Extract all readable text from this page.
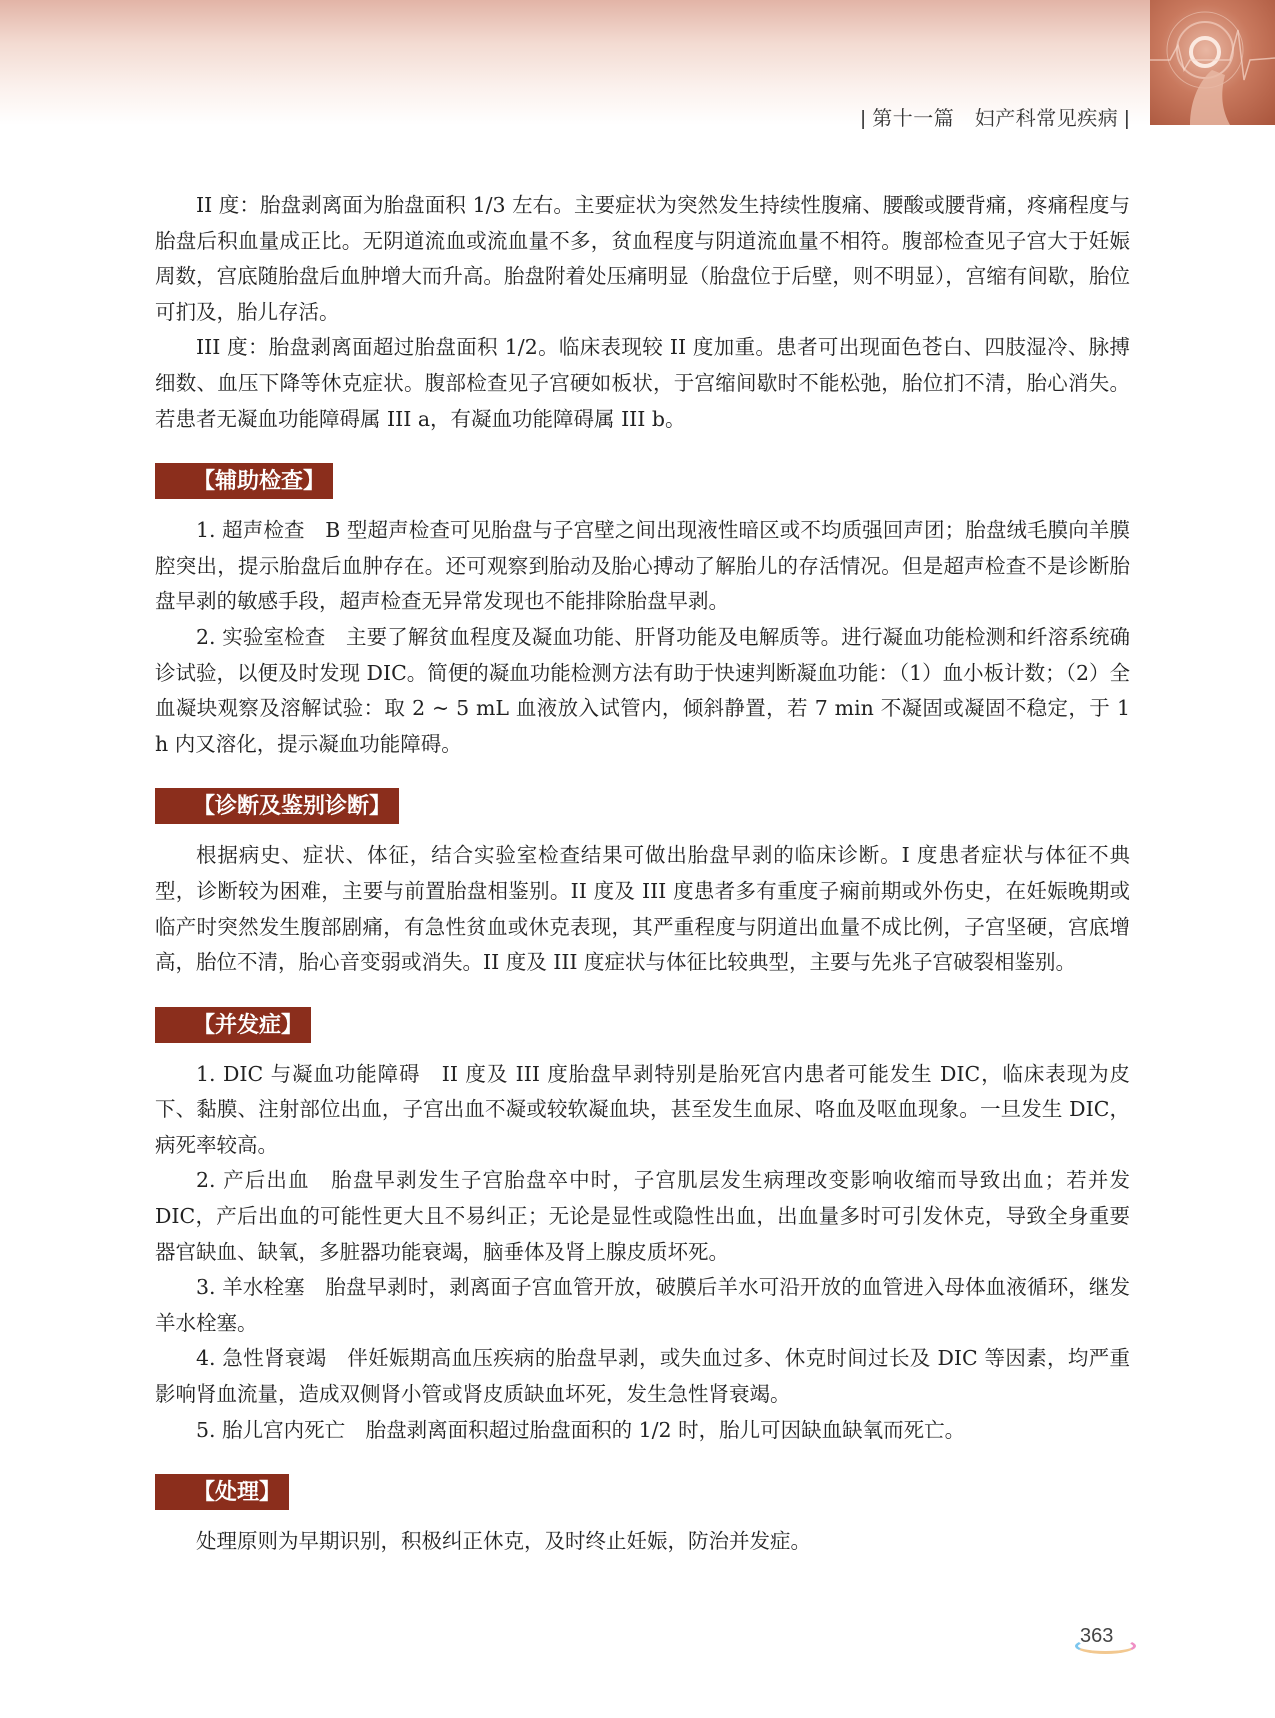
| 第十一篇　妇产科常见疾病 |

II 度：胎盘剥离面为胎盘面积 1/3 左右。主要症状为突然发生持续性腹痛、腰酸或腰背痛，疼痛程度与胎盘后积血量成正比。无阴道流血或流血量不多，贫血程度与阴道流血量不相符。腹部检查见子宫大于妊娠周数，宫底随胎盘后血肿增大而升高。胎盘附着处压痛明显（胎盘位于后壁，则不明显），宫缩有间歇，胎位可扪及，胎儿存活。

III 度：胎盘剥离面超过胎盘面积 1/2。临床表现较 II 度加重。患者可出现面色苍白、四肢湿冷、脉搏细数、血压下降等休克症状。腹部检查见子宫硬如板状，于宫缩间歇时不能松弛，胎位扪不清，胎心消失。若患者无凝血功能障碍属 III a，有凝血功能障碍属 III b。

【辅助检查】

1. 超声检查　B 型超声检查可见胎盘与子宫壁之间出现液性暗区或不均质强回声团；胎盘绒毛膜向羊膜腔突出，提示胎盘后血肿存在。还可观察到胎动及胎心搏动了解胎儿的存活情况。但是超声检查不是诊断胎盘早剥的敏感手段，超声检查无异常发现也不能排除胎盘早剥。

2. 实验室检查　主要了解贫血程度及凝血功能、肝肾功能及电解质等。进行凝血功能检测和纤溶系统确诊试验，以便及时发现 DIC。简便的凝血功能检测方法有助于快速判断凝血功能：（1）血小板计数；（2）全血凝块观察及溶解试验：取 2 ~ 5 mL 血液放入试管内，倾斜静置，若 7 min 不凝固或凝固不稳定，于 1 h 内又溶化，提示凝血功能障碍。

【诊断及鉴别诊断】

根据病史、症状、体征，结合实验室检查结果可做出胎盘早剥的临床诊断。I 度患者症状与体征不典型，诊断较为困难，主要与前置胎盘相鉴别。II 度及 III 度患者多有重度子痫前期或外伤史，在妊娠晚期或临产时突然发生腹部剧痛，有急性贫血或休克表现，其严重程度与阴道出血量不成比例，子宫坚硬，宫底增高，胎位不清，胎心音变弱或消失。II 度及 III 度症状与体征比较典型，主要与先兆子宫破裂相鉴别。

【并发症】

1. DIC 与凝血功能障碍　II 度及 III 度胎盘早剥特别是胎死宫内患者可能发生 DIC，临床表现为皮下、黏膜、注射部位出血，子宫出血不凝或较软凝血块，甚至发生血尿、咯血及呕血现象。一旦发生 DIC，病死率较高。

2. 产后出血　胎盘早剥发生子宫胎盘卒中时，子宫肌层发生病理改变影响收缩而导致出血；若并发 DIC，产后出血的可能性更大且不易纠正；无论是显性或隐性出血，出血量多时可引发休克，导致全身重要器官缺血、缺氧，多脏器功能衰竭，脑垂体及肾上腺皮质坏死。

3. 羊水栓塞　胎盘早剥时，剥离面子宫血管开放，破膜后羊水可沿开放的血管进入母体血液循环，继发羊水栓塞。

4. 急性肾衰竭　伴妊娠期高血压疾病的胎盘早剥，或失血过多、休克时间过长及 DIC 等因素，均严重影响肾血流量，造成双侧肾小管或肾皮质缺血坏死，发生急性肾衰竭。

5. 胎儿宫内死亡　胎盘剥离面积超过胎盘面积的 1/2 时，胎儿可因缺血缺氧而死亡。

【处理】

处理原则为早期识别，积极纠正休克，及时终止妊娠，防治并发症。

363
